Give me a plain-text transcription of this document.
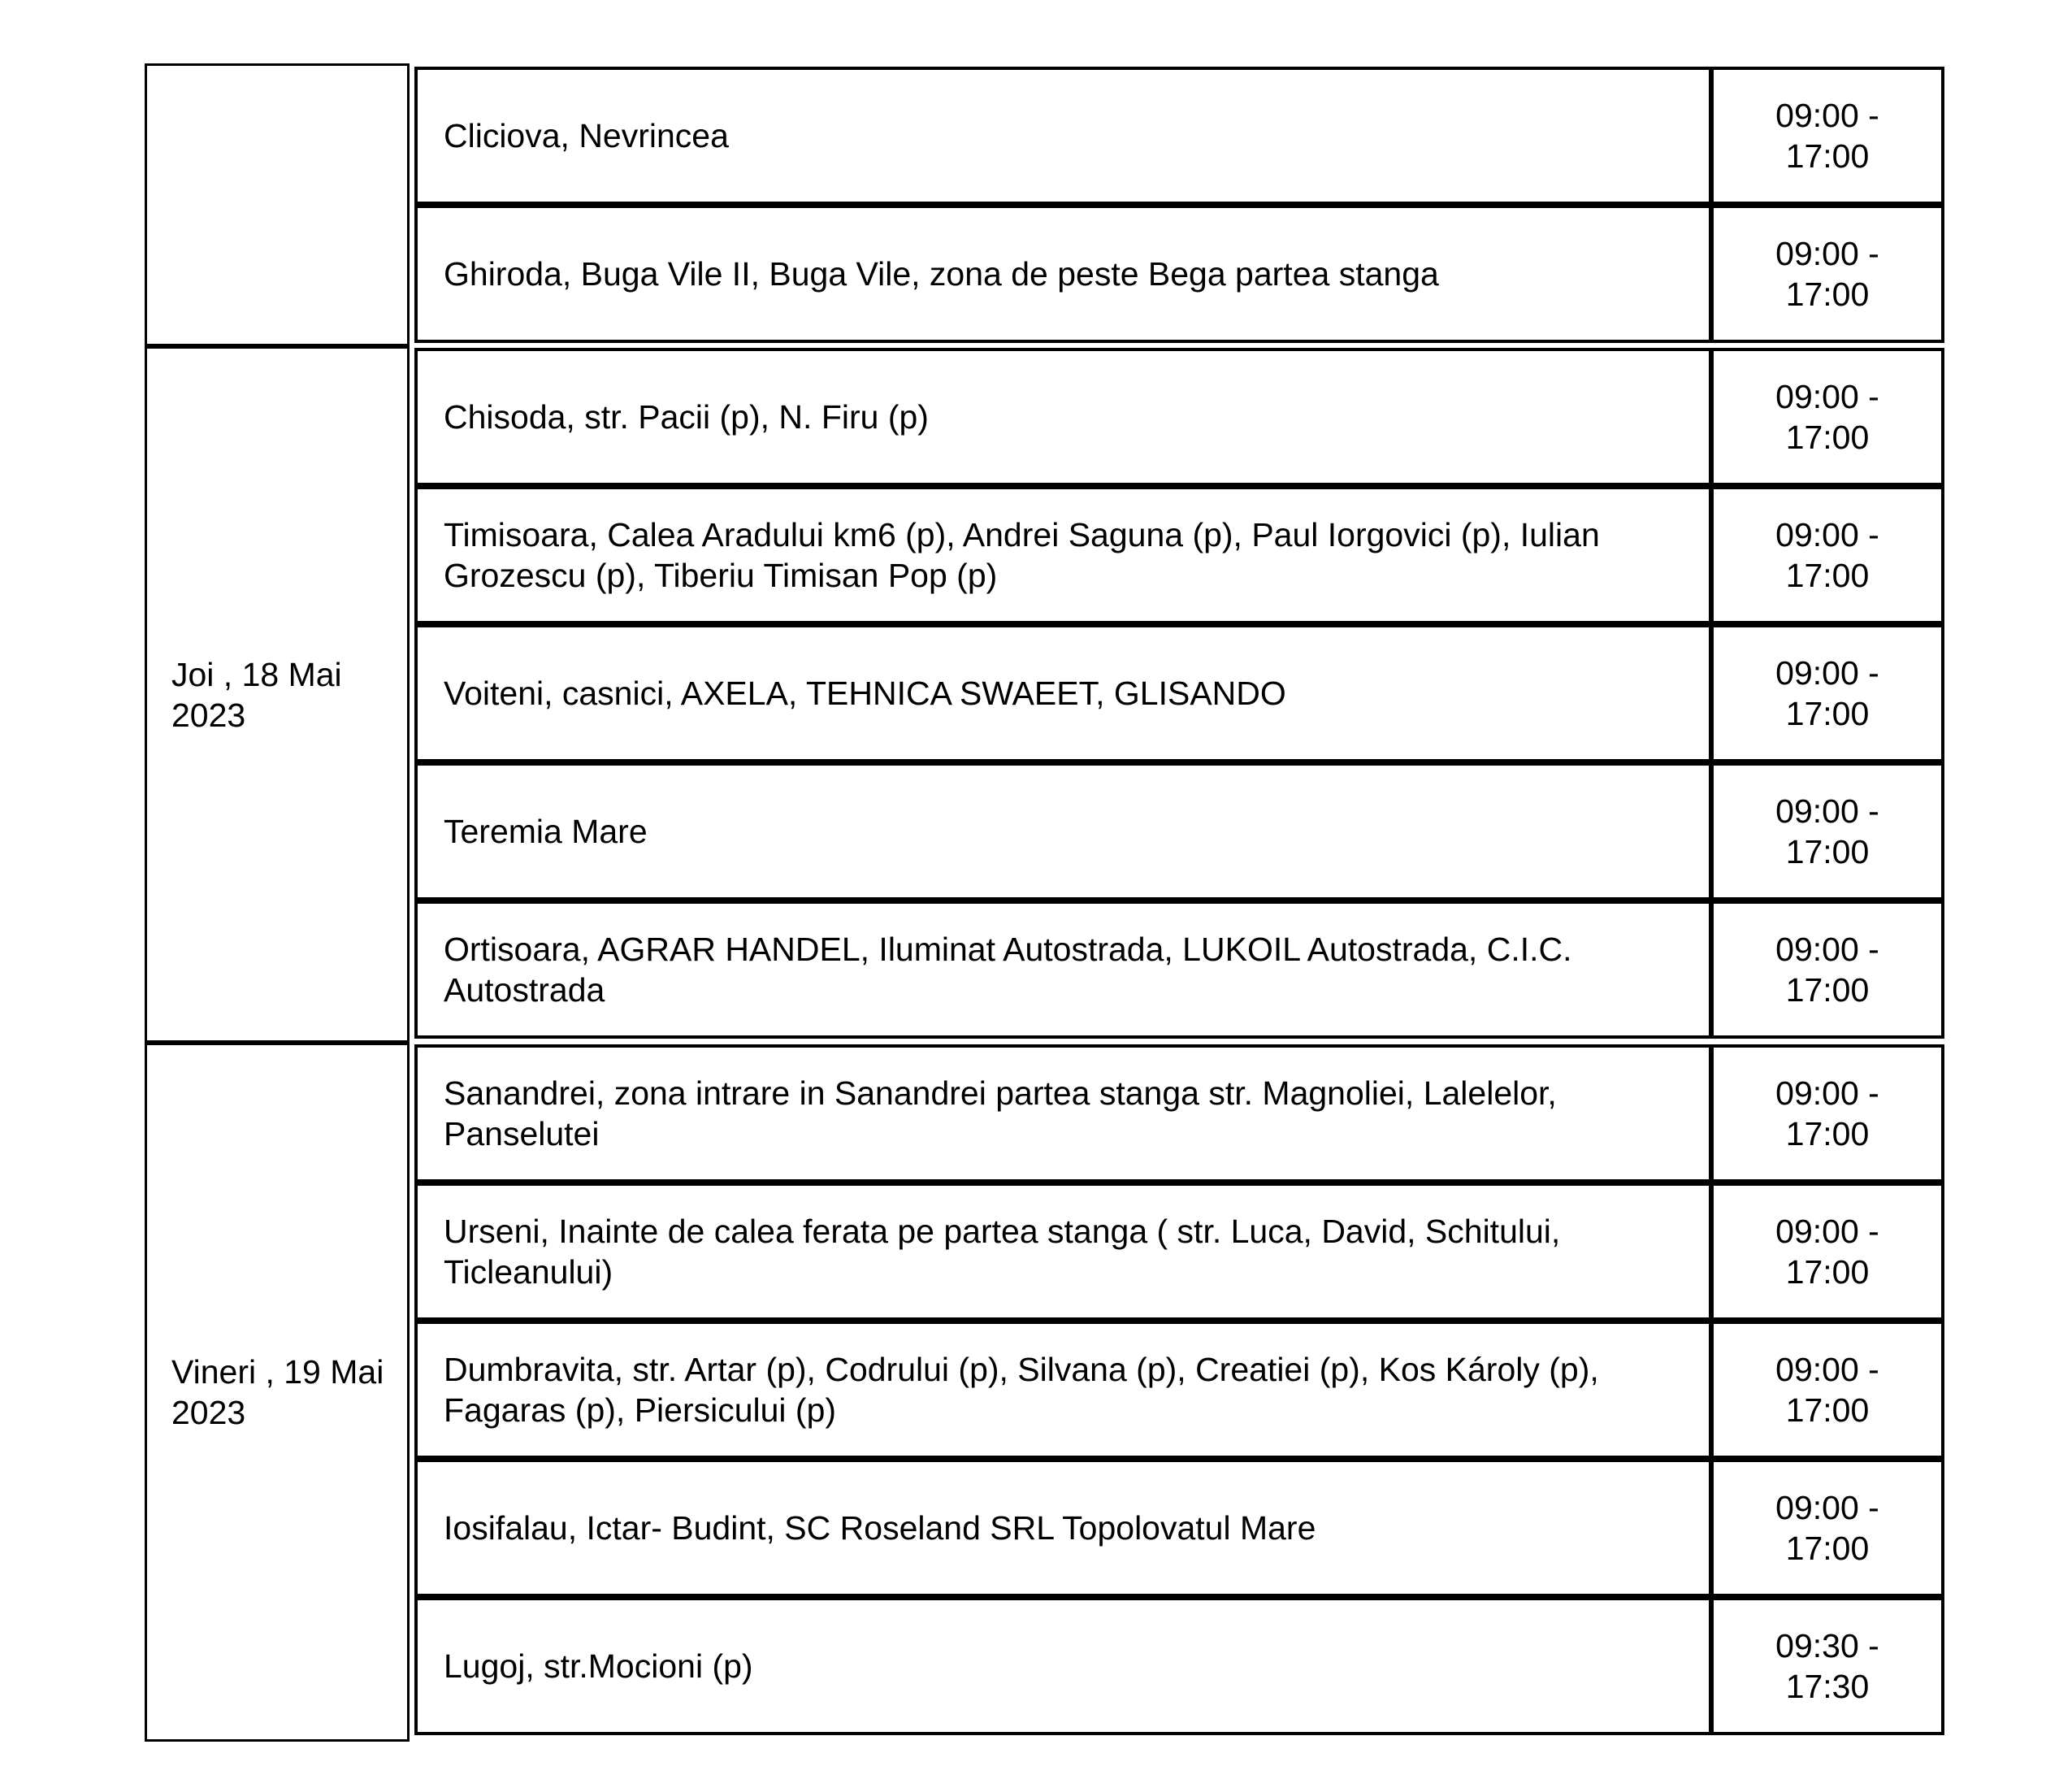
Joi , 18 Mai
2023
Vineri , 19 Mai
2023
Cliciova, Nevrincea
09:00 -
17:00
Ghiroda, Buga Vile II, Buga Vile, zona de peste Bega partea stanga
09:00 -
17:00
Chisoda, str. Pacii (p), N. Firu (p)
09:00 -
17:00
Timisoara, Calea Aradului km6 (p), Andrei Saguna (p), Paul Iorgovici (p), Iulian Grozescu (p), Tiberiu Timisan Pop (p)
09:00 -
17:00
Voiteni, casnici, AXELA, TEHNICA SWAEET, GLISANDO
09:00 -
17:00
Teremia Mare
09:00 -
17:00
Ortisoara, AGRAR HANDEL, Iluminat Autostrada, LUKOIL Autostrada, C.I.C. Autostrada
09:00 -
17:00
Sanandrei, zona intrare in Sanandrei partea stanga str. Magnoliei, Lalelelor, Panselutei
09:00 -
17:00
Urseni, Inainte de calea ferata pe partea stanga ( str. Luca, David, Schitului, Ticleanului)
09:00 -
17:00
Dumbravita, str. Artar (p), Codrului (p), Silvana (p), Creatiei (p), Kos Károly (p), Fagaras (p), Piersicului (p)
09:00 -
17:00
Iosifalau, Ictar- Budint, SC Roseland SRL Topolovatul Mare
09:00 -
17:00
Lugoj, str.Mocioni (p)
09:30 -
17:30
